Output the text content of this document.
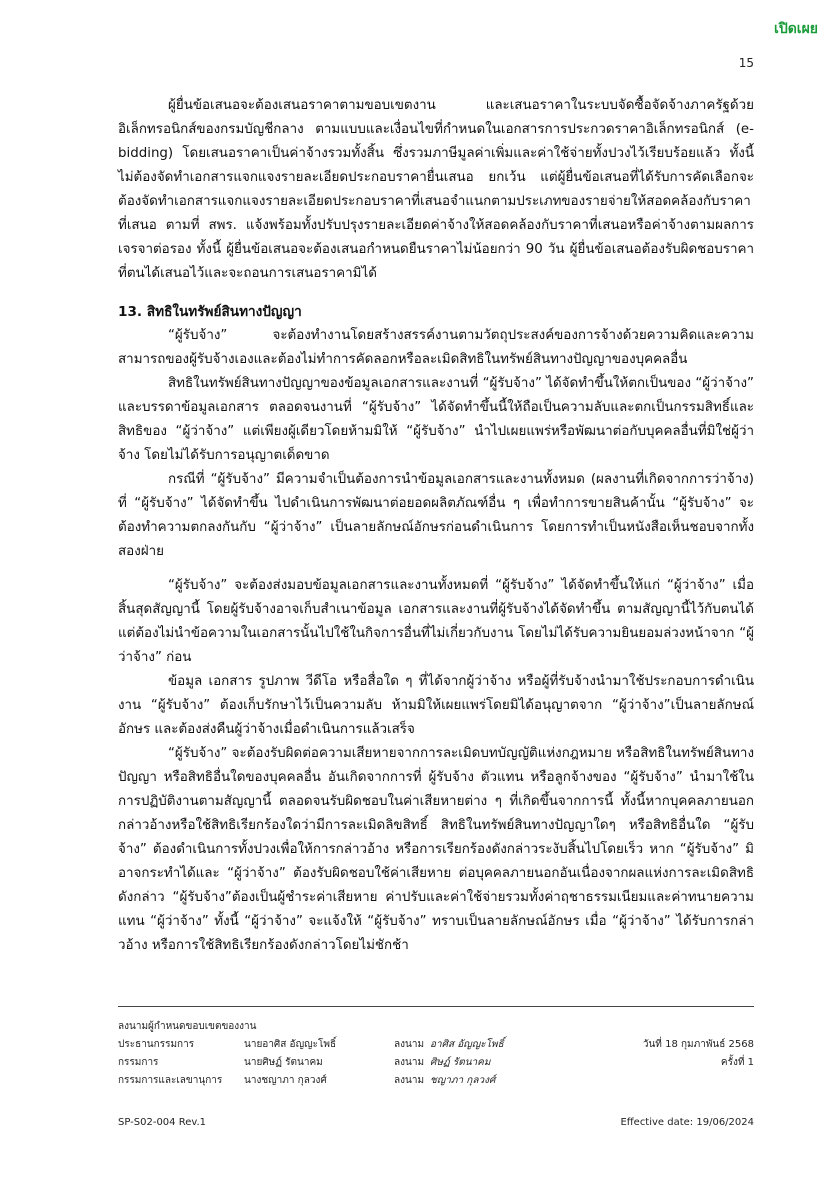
เปิดเผย
15

ผู้ยื่นข้อเสนอจะต้องเสนอราคาตามขอบเขตงาน และเสนอราคาในระบบจัดซื้อจัดจ้างภาครัฐด้วยอิเล็กทรอนิกส์ของกรมบัญชีกลาง ตามแบบและเงื่อนไขที่กำหนดในเอกสารการประกวดราคาอิเล็กทรอนิกส์ (e-bidding) โดยเสนอราคาเป็นค่าจ้างรวมทั้งสิ้น ซึ่งรวมภาษีมูลค่าเพิ่มและค่าใช้จ่ายทั้งปวงไว้เรียบร้อยแล้ว ทั้งนี้ไม่ต้องจัดทำเอกสารแจกแจงรายละเอียดประกอบราคายื่นเสนอ ยกเว้น แต่ผู้ยื่นข้อเสนอที่ได้รับการคัดเลือกจะต้องจัดทำเอกสารแจกแจงรายละเอียดประกอบราคาที่เสนอจำแนกตามประเภทของรายจ่ายให้สอดคล้องกับราคาที่เสนอ ตามที่ สพร. แจ้งพร้อมทั้งปรับปรุงรายละเอียดค่าจ้างให้สอดคล้องกับราคาที่เสนอหรือค่าจ้างตามผลการเจรจาต่อรอง ทั้งนี้ ผู้ยื่นข้อเสนอจะต้องเสนอกำหนดยืนราคาไม่น้อยกว่า 90 วัน ผู้ยื่นข้อเสนอต้องรับผิดชอบราคาที่ตนได้เสนอไว้และจะถอนการเสนอราคามิได้

13. สิทธิในทรัพย์สินทางปัญญา

“ผู้รับจ้าง” จะต้องทำงานโดยสร้างสรรค์งานตามวัตถุประสงค์ของการจ้างด้วยความคิดและความสามารถของผู้รับจ้างเองและต้องไม่ทำการคัดลอกหรือละเมิดสิทธิในทรัพย์สินทางปัญญาของบุคคลอื่น

สิทธิในทรัพย์สินทางปัญญาของข้อมูลเอกสารและงานที่ “ผู้รับจ้าง” ได้จัดทำขึ้นให้ตกเป็นของ “ผู้ว่าจ้าง” และบรรดาข้อมูลเอกสาร ตลอดจนงานที่ “ผู้รับจ้าง” ได้จัดทำขึ้นนี้ให้ถือเป็นความลับและตกเป็นกรรมสิทธิ์และสิทธิของ “ผู้ว่าจ้าง” แต่เพียงผู้เดียวโดยห้ามมิให้ “ผู้รับจ้าง” นำไปเผยแพร่หรือพัฒนาต่อกับบุคคลอื่นที่มิใช่ผู้ว่าจ้าง โดยไม่ได้รับการอนุญาตเด็ดขาด

กรณีที่ “ผู้รับจ้าง” มีความจำเป็นต้องการนำข้อมูลเอกสารและงานทั้งหมด (ผลงานที่เกิดจากการว่าจ้าง) ที่ “ผู้รับจ้าง” ได้จัดทำขึ้น ไปดำเนินการพัฒนาต่อยอดผลิตภัณฑ์อื่น ๆ เพื่อทำการขายสินค้านั้น “ผู้รับจ้าง” จะต้องทำความตกลงกันกับ “ผู้ว่าจ้าง” เป็นลายลักษณ์อักษรก่อนดำเนินการ โดยการทำเป็นหนังสือเห็นชอบจากทั้งสองฝ่าย

“ผู้รับจ้าง” จะต้องส่งมอบข้อมูลเอกสารและงานทั้งหมดที่ “ผู้รับจ้าง” ได้จัดทำขึ้นให้แก่ “ผู้ว่าจ้าง” เมื่อสิ้นสุดสัญญานี้ โดยผู้รับจ้างอาจเก็บสำเนาข้อมูล เอกสารและงานที่ผู้รับจ้างได้จัดทำขึ้น ตามสัญญานี้ไว้กับตนได้แต่ต้องไม่นำข้อความในเอกสารนั้นไปใช้ในกิจการอื่นที่ไม่เกี่ยวกับงาน โดยไม่ได้รับความยินยอมล่วงหน้าจาก “ผู้ว่าจ้าง” ก่อน

ข้อมูล เอกสาร รูปภาพ วีดีโอ หรือสื่อใด ๆ ที่ได้จากผู้ว่าจ้าง หรือผู้ที่รับจ้างนำมาใช้ประกอบการดำเนินงาน “ผู้รับจ้าง” ต้องเก็บรักษาไว้เป็นความลับ ห้ามมิให้เผยแพร่โดยมิได้อนุญาตจาก “ผู้ว่าจ้าง”เป็นลายลักษณ์อักษร และต้องส่งคืนผู้ว่าจ้างเมื่อดำเนินการแล้วเสร็จ

“ผู้รับจ้าง” จะต้องรับผิดต่อความเสียหายจากการละเมิดบทบัญญัติแห่งกฎหมาย หรือสิทธิในทรัพย์สินทางปัญญา หรือสิทธิอื่นใดของบุคคลอื่น อันเกิดจากการที่ ผู้รับจ้าง ตัวแทน หรือลูกจ้างของ “ผู้รับจ้าง” นำมาใช้ในการปฏิบัติงานตามสัญญานี้ ตลอดจนรับผิดชอบในค่าเสียหายต่าง ๆ ที่เกิดขึ้นจากการนี้ ทั้งนี้หากบุคคลภายนอกกล่าวอ้างหรือใช้สิทธิเรียกร้องใดว่ามีการละเมิดลิขสิทธิ์ สิทธิในทรัพย์สินทางปัญญาใดๆ หรือสิทธิอื่นใด “ผู้รับจ้าง” ต้องดำเนินการทั้งปวงเพื่อให้การกล่าวอ้าง หรือการเรียกร้องดังกล่าวระงับสิ้นไปโดยเร็ว หาก “ผู้รับจ้าง” มิอาจกระทำได้และ “ผู้ว่าจ้าง” ต้องรับผิดชอบใช้ค่าเสียหาย ต่อบุคคลภายนอกอันเนื่องจากผลแห่งการละเมิดสิทธิดังกล่าว “ผู้รับจ้าง”ต้องเป็นผู้ชำระค่าเสียหาย ค่าปรับและค่าใช้จ่ายรวมทั้งค่าฤชาธรรมเนียมและค่าทนายความแทน “ผู้ว่าจ้าง” ทั้งนี้ “ผู้ว่าจ้าง” จะแจ้งให้ “ผู้รับจ้าง” ทราบเป็นลายลักษณ์อักษร เมื่อ “ผู้ว่าจ้าง” ได้รับการกล่าวอ้าง หรือการใช้สิทธิเรียกร้องดังกล่าวโดยไม่ชักช้า

ลงนามผู้กำหนดขอบเขตของงาน
ประธานกรรมการ	นายอาศิส อัญญะโพธิ์	ลงนาม อาศิส อัญญะโพธิ์	วันที่ 18 กุมภาพันธ์ 2568
กรรมการ	นายศิษฏ์ รัตนาคม	ลงนาม ศิษฏ์ รัตนาคม	ครั้งที่ 1
กรรมการและเลขานุการ นางชญาภา กุลวงศ์	ลงนาม ชญาภา กุลวงศ์
SP-S02-004 Rev.1	Effective date: 19/06/2024
